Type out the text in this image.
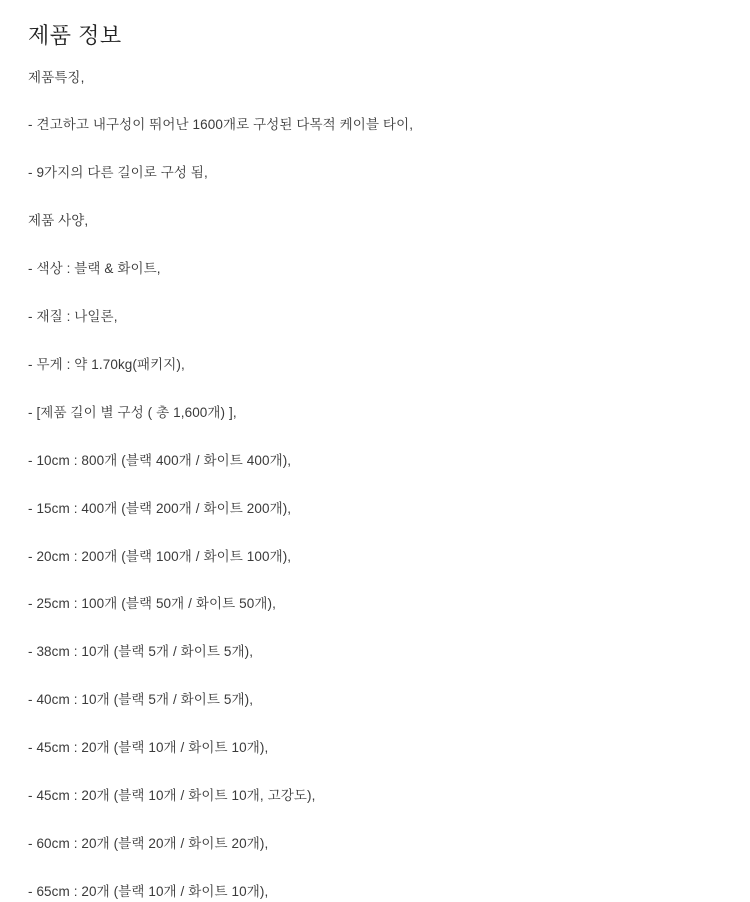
제품 정보
제품특징,
- 견고하고 내구성이 뛰어난 1600개로 구성된 다목적 케이블 타이,
- 9가지의 다른 길이로 구성 됨,
제품 사양,
- 색상 : 블랙 & 화이트,
- 재질 : 나일론,
- 무게 : 약 1.70kg(패키지),
- [제품 길이 별 구성 ( 총 1,600개) ],
- 10cm : 800개 (블랙 400개 / 화이트 400개),
- 15cm : 400개 (블랙 200개 / 화이트 200개),
- 20cm : 200개 (블랙 100개 / 화이트 100개),
- 25cm : 100개 (블랙 50개 / 화이트 50개),
- 38cm : 10개 (블랙 5개 / 화이트 5개),
- 40cm : 10개 (블랙 5개 / 화이트 5개),
- 45cm : 20개 (블랙 10개 / 화이트 10개),
- 45cm : 20개 (블랙 10개 / 화이트 10개, 고강도),
- 60cm : 20개 (블랙 20개 / 화이트 20개),
- 65cm : 20개 (블랙 10개 / 화이트 10개),
